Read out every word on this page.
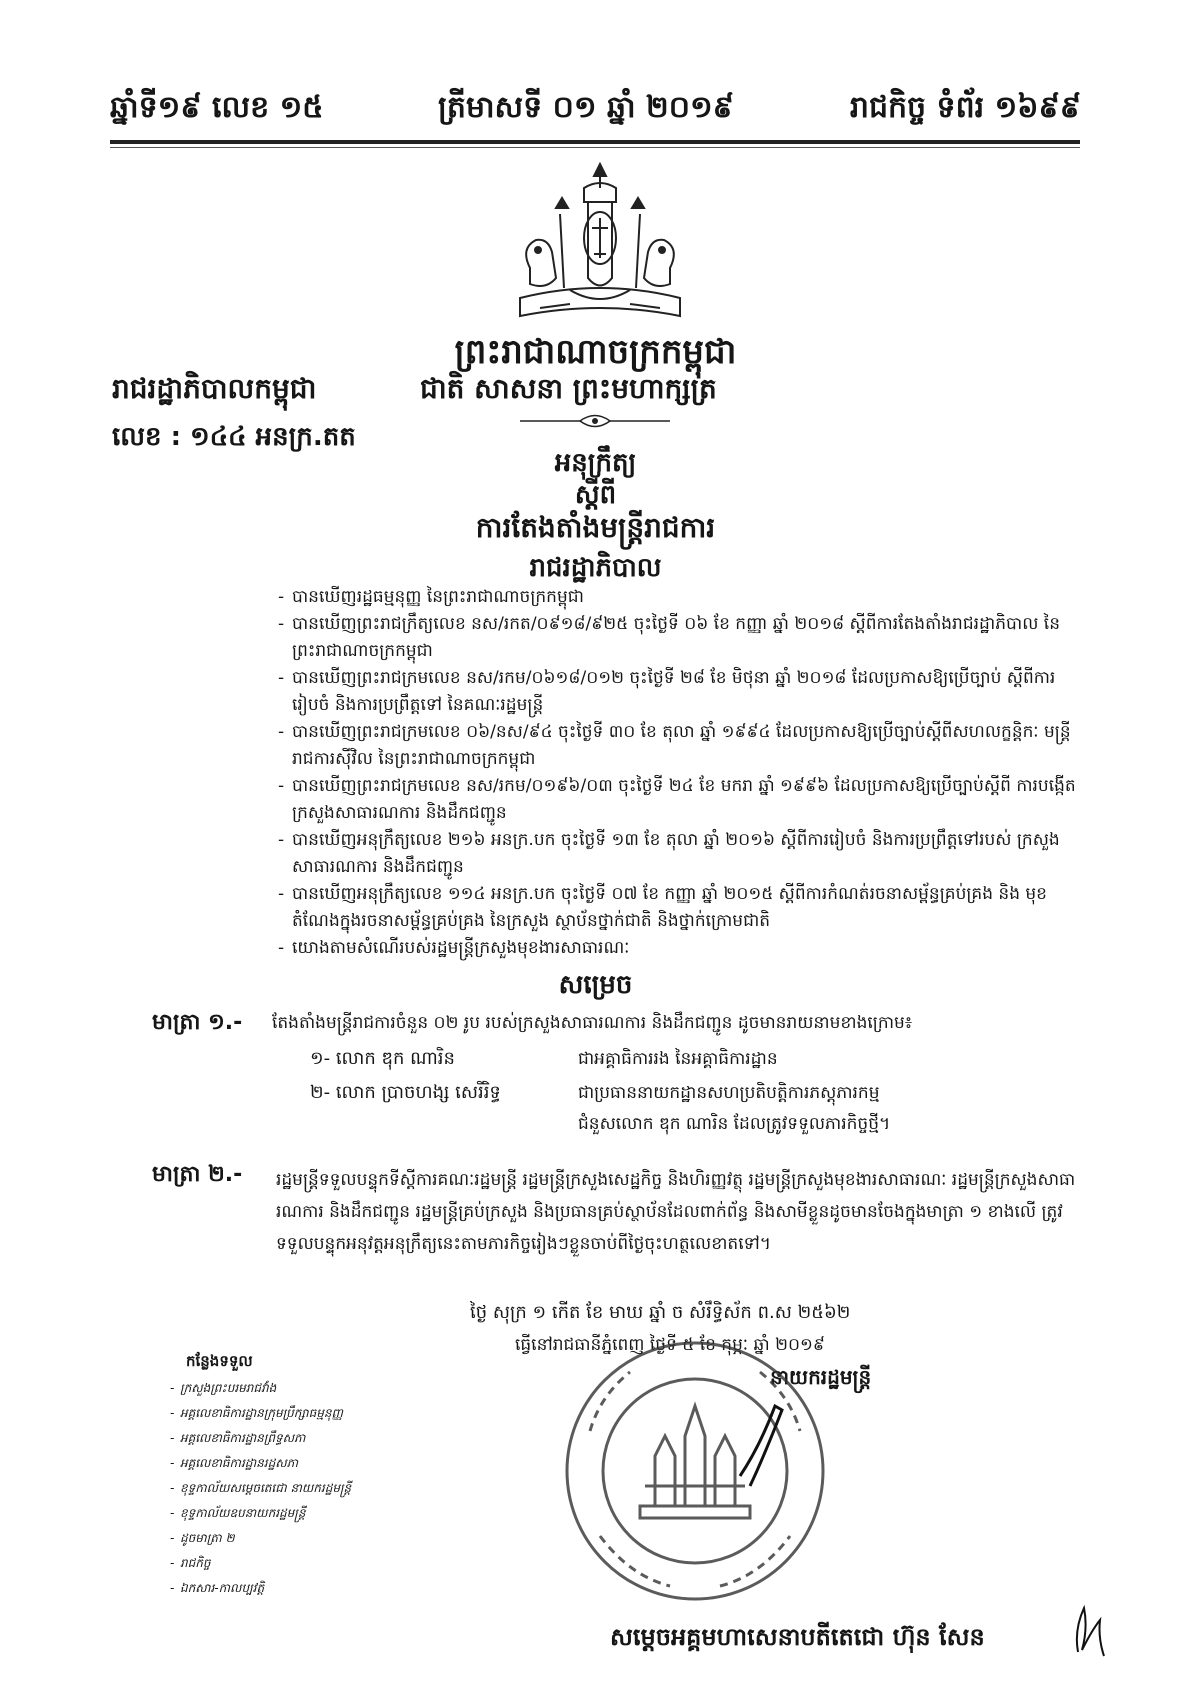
ឆ្នាំទី១៩ លេខ ១៥	ត្រីមាសទី ០១ ឆ្នាំ ២០១៩	រាជកិច្ច ទំព័រ ១៦៩៩
ព្រះរាជាណាចក្រកម្ពុជា
រាជរដ្ឋាភិបាលកម្ពុជា	ជាតិ សាសនា ព្រះមហាក្សត្រ
លេខ : ១៤៤ អនក្រ.តត
អនុក្រឹត្យ
ស្ដីពី
ការតែងតាំងមន្ត្រីរាជការ
រាជរដ្ឋាភិបាល
- បានឃើញរដ្ឋធម្មនុញ្ញ នៃព្រះរាជាណាចក្រកម្ពុជា
- បានឃើញព្រះរាជក្រឹត្យលេខ នស/រកត/០៩១៨/៩២៥ ចុះថ្ងៃទី ០៦ ខែ កញ្ញា ឆ្នាំ ២០១៨ ស្តីពីការតែងតាំងរាជរដ្ឋាភិបាល នៃព្រះរាជាណាចក្រកម្ពុជា
- បានឃើញព្រះរាជក្រមលេខ នស/រកម/០៦១៨/០១២ ចុះថ្ងៃទី ២៨ ខែ មិថុនា ឆ្នាំ ២០១៨ ដែលប្រកាសឱ្យប្រើច្បាប់ ស្តីពីការរៀបចំ និងការប្រព្រឹត្តទៅ នៃគណៈរដ្ឋមន្ត្រី
- បានឃើញព្រះរាជក្រមលេខ ០៦/នស/៩៤ ចុះថ្ងៃទី ៣០ ខែ តុលា ឆ្នាំ ១៩៩៤ ដែលប្រកាសឱ្យប្រើច្បាប់ស្ដីពីសហលក្ខន្តិកៈ មន្ត្រីរាជការស៊ីវិល នៃព្រះរាជាណាចក្រកម្ពុជា
- បានឃើញព្រះរាជក្រមលេខ នស/រកម/០១៩៦/០៣ ចុះថ្ងៃទី ២៤ ខែ មករា ឆ្នាំ ១៩៩៦ ដែលប្រកាសឱ្យប្រើច្បាប់ស្ដីពី ការបង្កើតក្រសួងសាធារណការ និងដឹកជញ្ជូន
- បានឃើញអនុក្រឹត្យលេខ ២១៦ អនក្រ.បក ចុះថ្ងៃទី ១៣ ខែ តុលា ឆ្នាំ ២០១៦ ស្តីពីការរៀបចំ និងការប្រព្រឹត្តទៅរបស់ ក្រសួងសាធារណការ និងដឹកជញ្ជូន
- បានឃើញអនុក្រឹត្យលេខ ១១៤ អនក្រ.បក ចុះថ្ងៃទី ០៧ ខែ កញ្ញា ឆ្នាំ ២០១៥ ស្តីពីការកំណត់រចនាសម្ព័ន្ធគ្រប់គ្រង និង មុខតំណែងក្នុងរចនាសម្ព័ន្ធគ្រប់គ្រង នៃក្រសួង ស្ថាប័នថ្នាក់ជាតិ និងថ្នាក់ក្រោមជាតិ
- យោងតាមសំណើរបស់រដ្ឋមន្ត្រីក្រសួងមុខងារសាធារណៈ
សម្រេច
មាត្រា ១.- តែងតាំងមន្ត្រីរាជការចំនួន ០២ រូប របស់ក្រសួងសាធារណការ និងដឹកជញ្ជូន ដូចមានរាយនាមខាងក្រោម៖
១- លោក ឌុក ណារិន	ជាអគ្គាធិការរង នៃអគ្គាធិការដ្ឋាន
២- លោក ប្រាចហង្ស សេរីរិទ្ធ	ជាប្រធាននាយកដ្ឋានសហប្រតិបត្តិការភស្តុភារកម្ម
ជំនួសលោក ឌុក ណារិន ដែលត្រូវទទួលភារកិច្ចថ្មី។
មាត្រា ២.- រដ្ឋមន្ត្រីទទួលបន្ទុកទីស្តីការគណៈរដ្ឋមន្ត្រី រដ្ឋមន្ត្រីក្រសួងសេដ្ឋកិច្ច និងហិរញ្ញវត្ថុ រដ្ឋមន្ត្រីក្រសួងមុខងារសាធារណៈ រដ្ឋមន្ត្រីក្រសួងសាធារណការ និងដឹកជញ្ជូន រដ្ឋមន្ត្រីគ្រប់ក្រសួង និងប្រធានគ្រប់ស្ថាប័នដែលពាក់ព័ន្ធ និងសាមីខ្លួនដូចមានចែងក្នុងមាត្រា ១ ខាងលើ ត្រូវទទួលបន្ទុកអនុវត្តអនុក្រឹត្យនេះតាមភារកិច្ចរៀងៗខ្លួនចាប់ពីថ្ងៃចុះហត្ថលេខាតទៅ។
ថ្ងៃ សុក្រ ១ កើត ខែ មាឃ ឆ្នាំ ច សំរឹទ្ធិស័ក ព.ស ២៥៦២
ធ្វើនៅរាជធានីភ្នំពេញ ថ្ងៃទី ៥ ខែ កុម្ភៈ ឆ្នាំ ២០១៩
នាយករដ្ឋមន្ត្រី
កន្លែងទទួល
- ក្រសួងព្រះបរមរាជវាំង
- អគ្គលេខាធិការដ្ឋានក្រុមប្រឹក្សាធម្មនុញ្ញ
- អគ្គលេខាធិការដ្ឋានព្រឹទ្ធសភា
- អគ្គលេខាធិការដ្ឋានរដ្ឋសភា
- ខុទ្ទកាល័យសម្តេចតេជោ នាយករដ្ឋមន្ត្រី
- ខុទ្ទកាល័យឧបនាយករដ្ឋមន្ត្រី
- ដូចមាត្រា ២
- រាជកិច្ច
- ឯកសារ-កាលប្បវត្តិ
សម្តេចអគ្គមហាសេនាបតីតេជោ ហ៊ុន សែន
